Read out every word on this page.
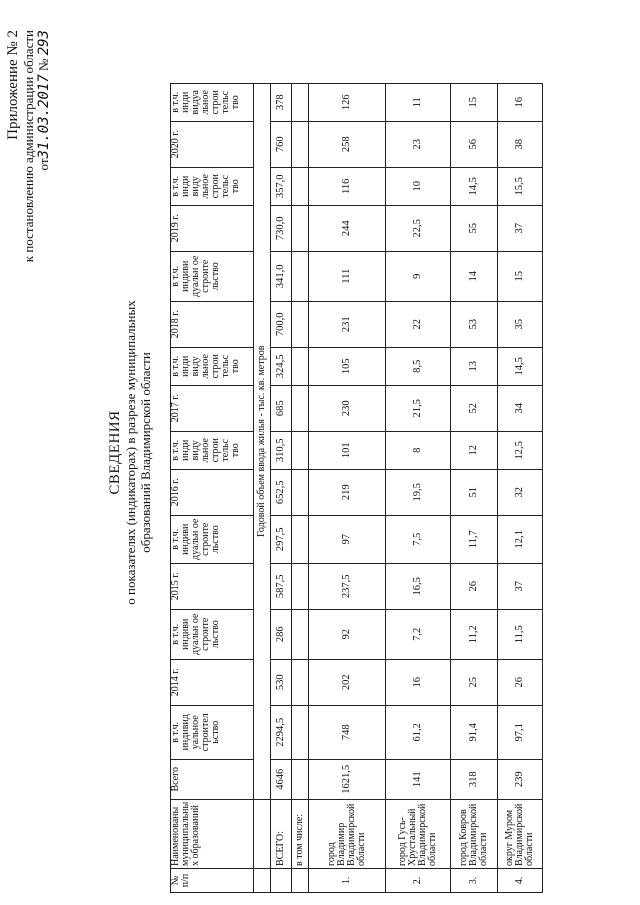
Приложение № 2 к постановлению администрации области от31.03.2017 № 293
СВЕДЕНИЯ о показателях (индикаторах) в разрезе муниципальных образований Владимирской области
№ п/п	Наименованы муниципальны х образований	Всего	в т.ч. индивид уальное строител ьство	2014 г.	в т.ч. индиви дуальн ое строите льство	2015 г.	в т.ч. индиви дуальн ое строите льство	2016 г.	в т.ч. инди виду льное строи тельс тво	2017 г.	в т.ч. инди виду льное строи тельс тво	2018 г.	в т.ч. индиви дуальн ое строите льство	2019 г.	в т.ч. инди виду льное строи тельс тво	2020 г.	в т.ч. инди видуа льное строи тельс тво
		Годовой объем ввода жилья - тыс. кв. метров															
	ВСЕГО:	4646	2294,5	530	286	587,5	297,5	652,5	310,5	685	324,5	700,0	341,0	730,0	357,0	760	378
	в том числе:																
1.	город Владимир Владимирской области	1621,5	748	202	92	237,5	97	219	101	230	105	231	111	244	116	258	126
2.	город Гусь-Хрустальный Владимирской области	141	61,2	16	7,2	16,5	7,5	19,5	8	21,5	8,5	22	9	22,5	10	23	11
3.	город Ковров Владимирской области	318	91,4	25	11,2	26	11,7	51	12	52	13	53	14	55	14,5	56	15
4.	округ Муром Владимирской области	239	97,1	26	11,5	37	12,1	32	12,5	34	14,5	35	15	37	15,5	38	16
